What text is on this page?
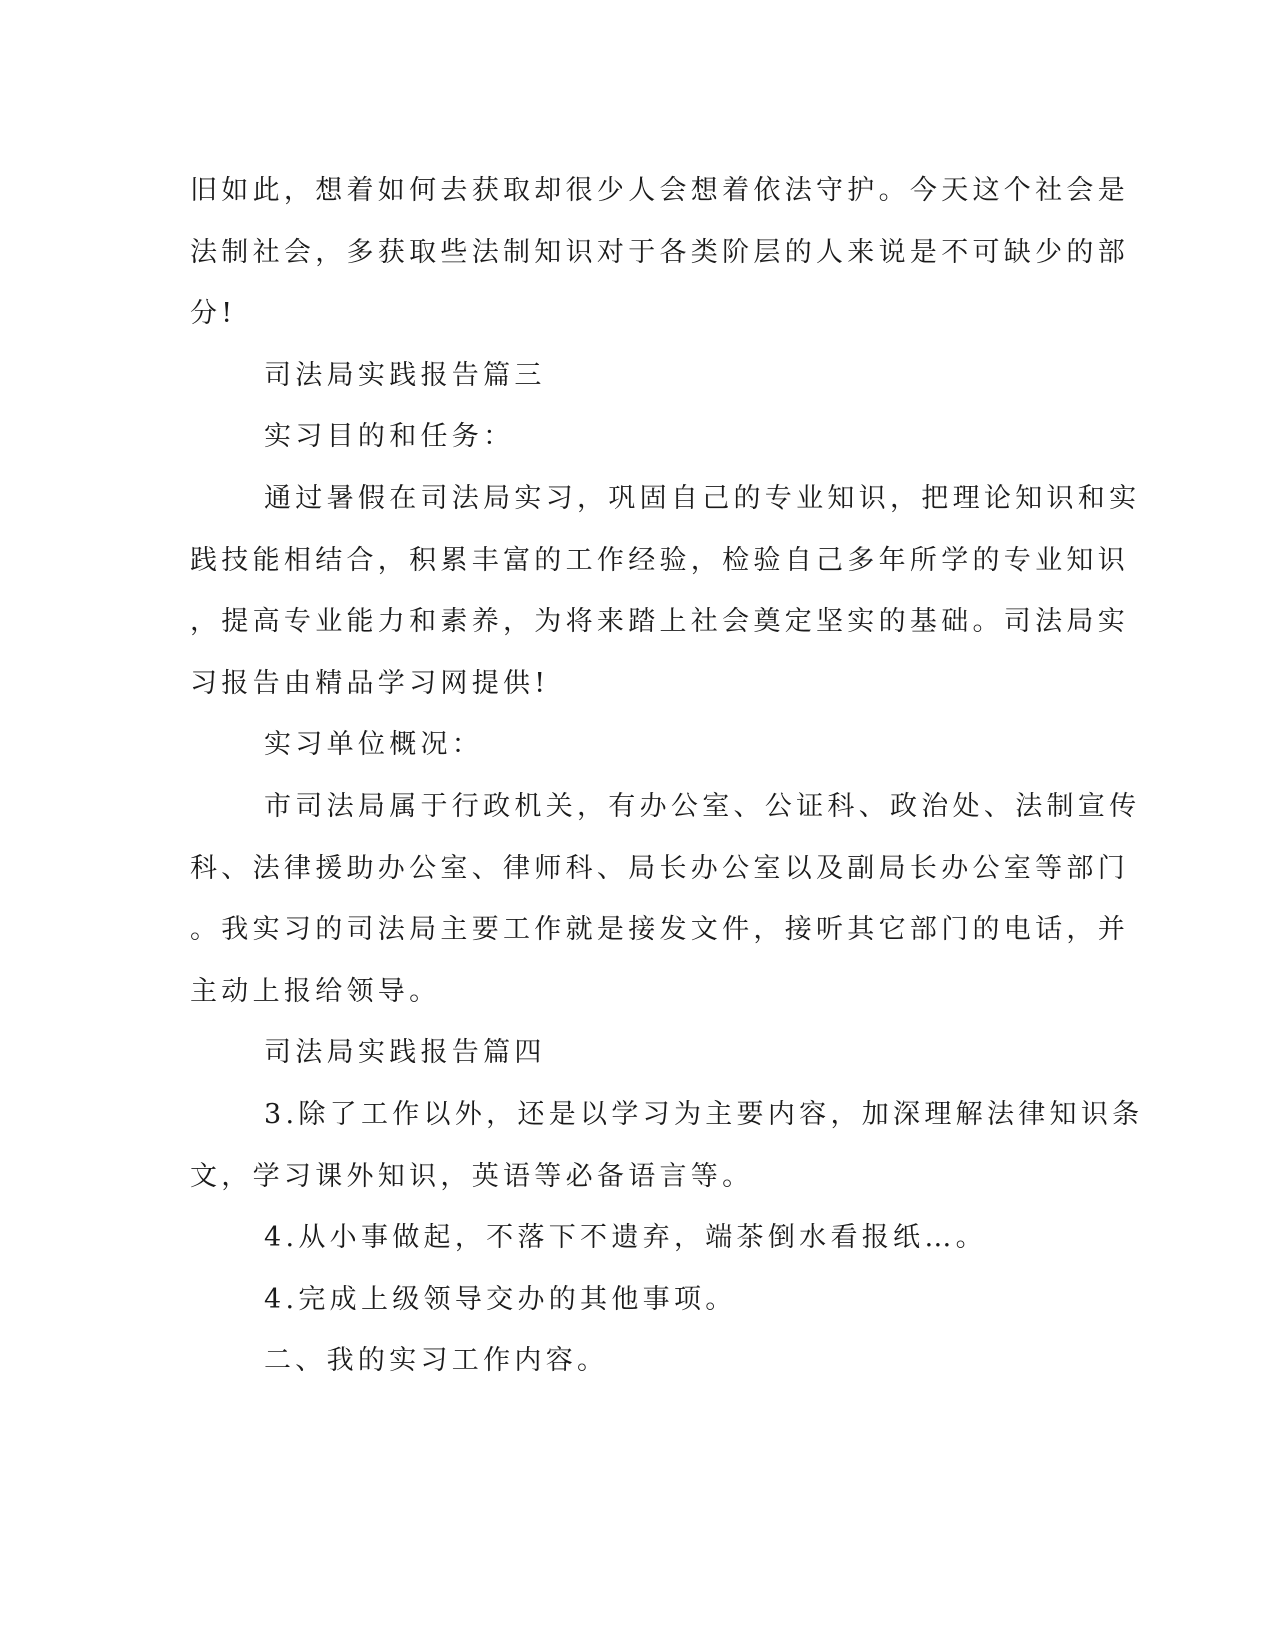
旧如此，想着如何去获取却很少人会想着依法守护。今天这个社会是
法制社会，多获取些法制知识对于各类阶层的人来说是不可缺少的部
分!
司法局实践报告篇三
实习目的和任务：
通过暑假在司法局实习，巩固自己的专业知识，把理论知识和实
践技能相结合，积累丰富的工作经验，检验自己多年所学的专业知识
，提高专业能力和素养，为将来踏上社会奠定坚实的基础。司法局实
习报告由精品学习网提供!
实习单位概况：
市司法局属于行政机关，有办公室、公证科、政治处、法制宣传
科、法律援助办公室、律师科、局长办公室以及副局长办公室等部门
。我实习的司法局主要工作就是接发文件，接听其它部门的电话，并
主动上报给领导。
司法局实践报告篇四
3.除了工作以外，还是以学习为主要内容，加深理解法律知识条
文，学习课外知识，英语等必备语言等。
4.从小事做起，不落下不遗弃，端茶倒水看报纸…。
4.完成上级领导交办的其他事项。
二、我的实习工作内容。
